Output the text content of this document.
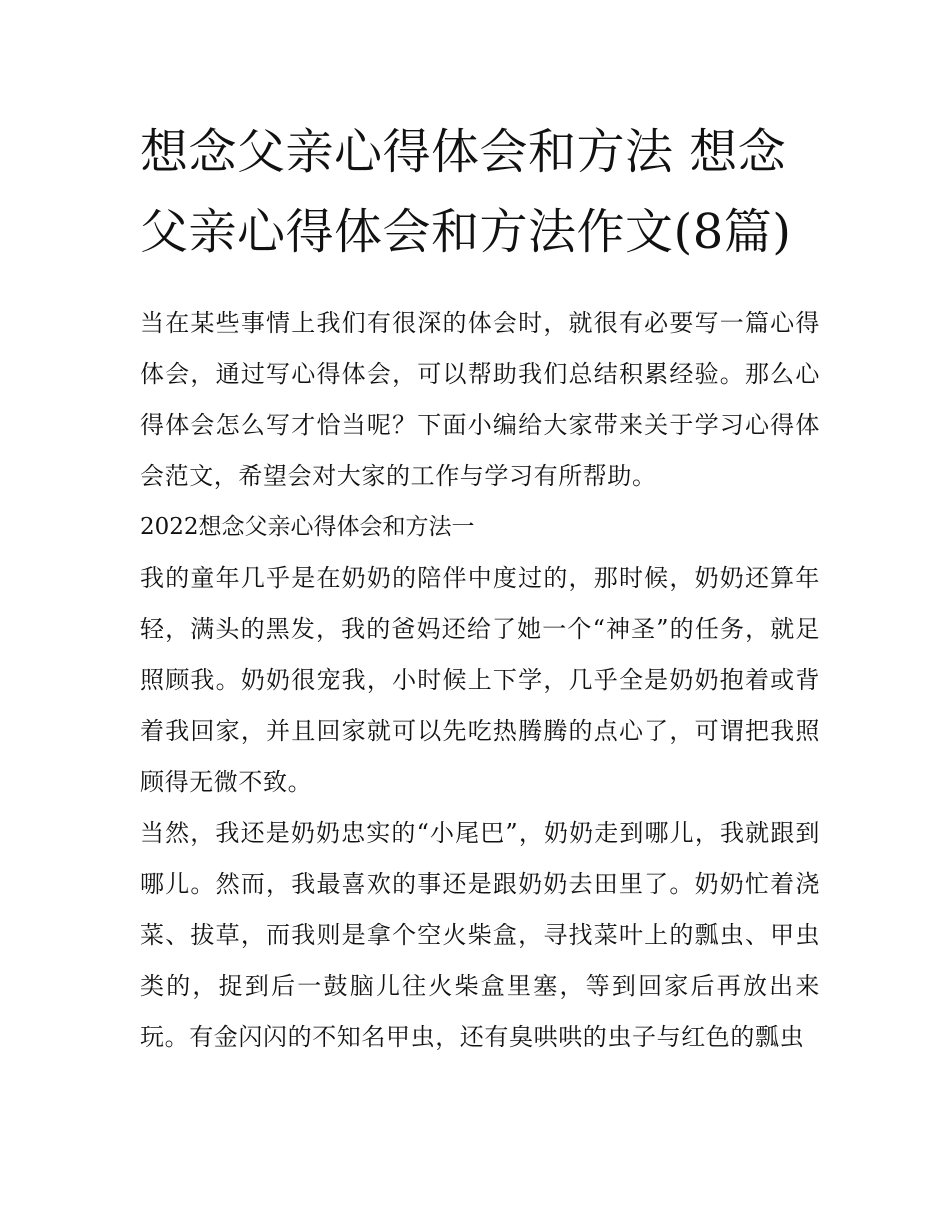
想念父亲心得体会和方法 想念父亲心得体会和方法作文(8篇)

当在某些事情上我们有很深的体会时，就很有必要写一篇心得体会，通过写心得体会，可以帮助我们总结积累经验。那么心得体会怎么写才恰当呢？下面小编给大家带来关于学习心得体会范文，希望会对大家的工作与学习有所帮助。

2022想念父亲心得体会和方法一

我的童年几乎是在奶奶的陪伴中度过的，那时候，奶奶还算年轻，满头的黑发，我的爸妈还给了她一个“神圣”的任务，就足照顾我。奶奶很宠我，小时候上下学，几乎全是奶奶抱着或背着我回家，并且回家就可以先吃热腾腾的点心了，可谓把我照顾得无微不致。

当然，我还是奶奶忠实的“小尾巴”，奶奶走到哪儿，我就跟到哪儿。然而，我最喜欢的事还是跟奶奶去田里了。奶奶忙着浇菜、拔草，而我则是拿个空火柴盒，寻找菜叶上的瓢虫、甲虫类的，捉到后一鼓脑儿往火柴盒里塞，等到回家后再放出来玩。有金闪闪的不知名甲虫，还有臭哄哄的虫子与红色的瓢虫
